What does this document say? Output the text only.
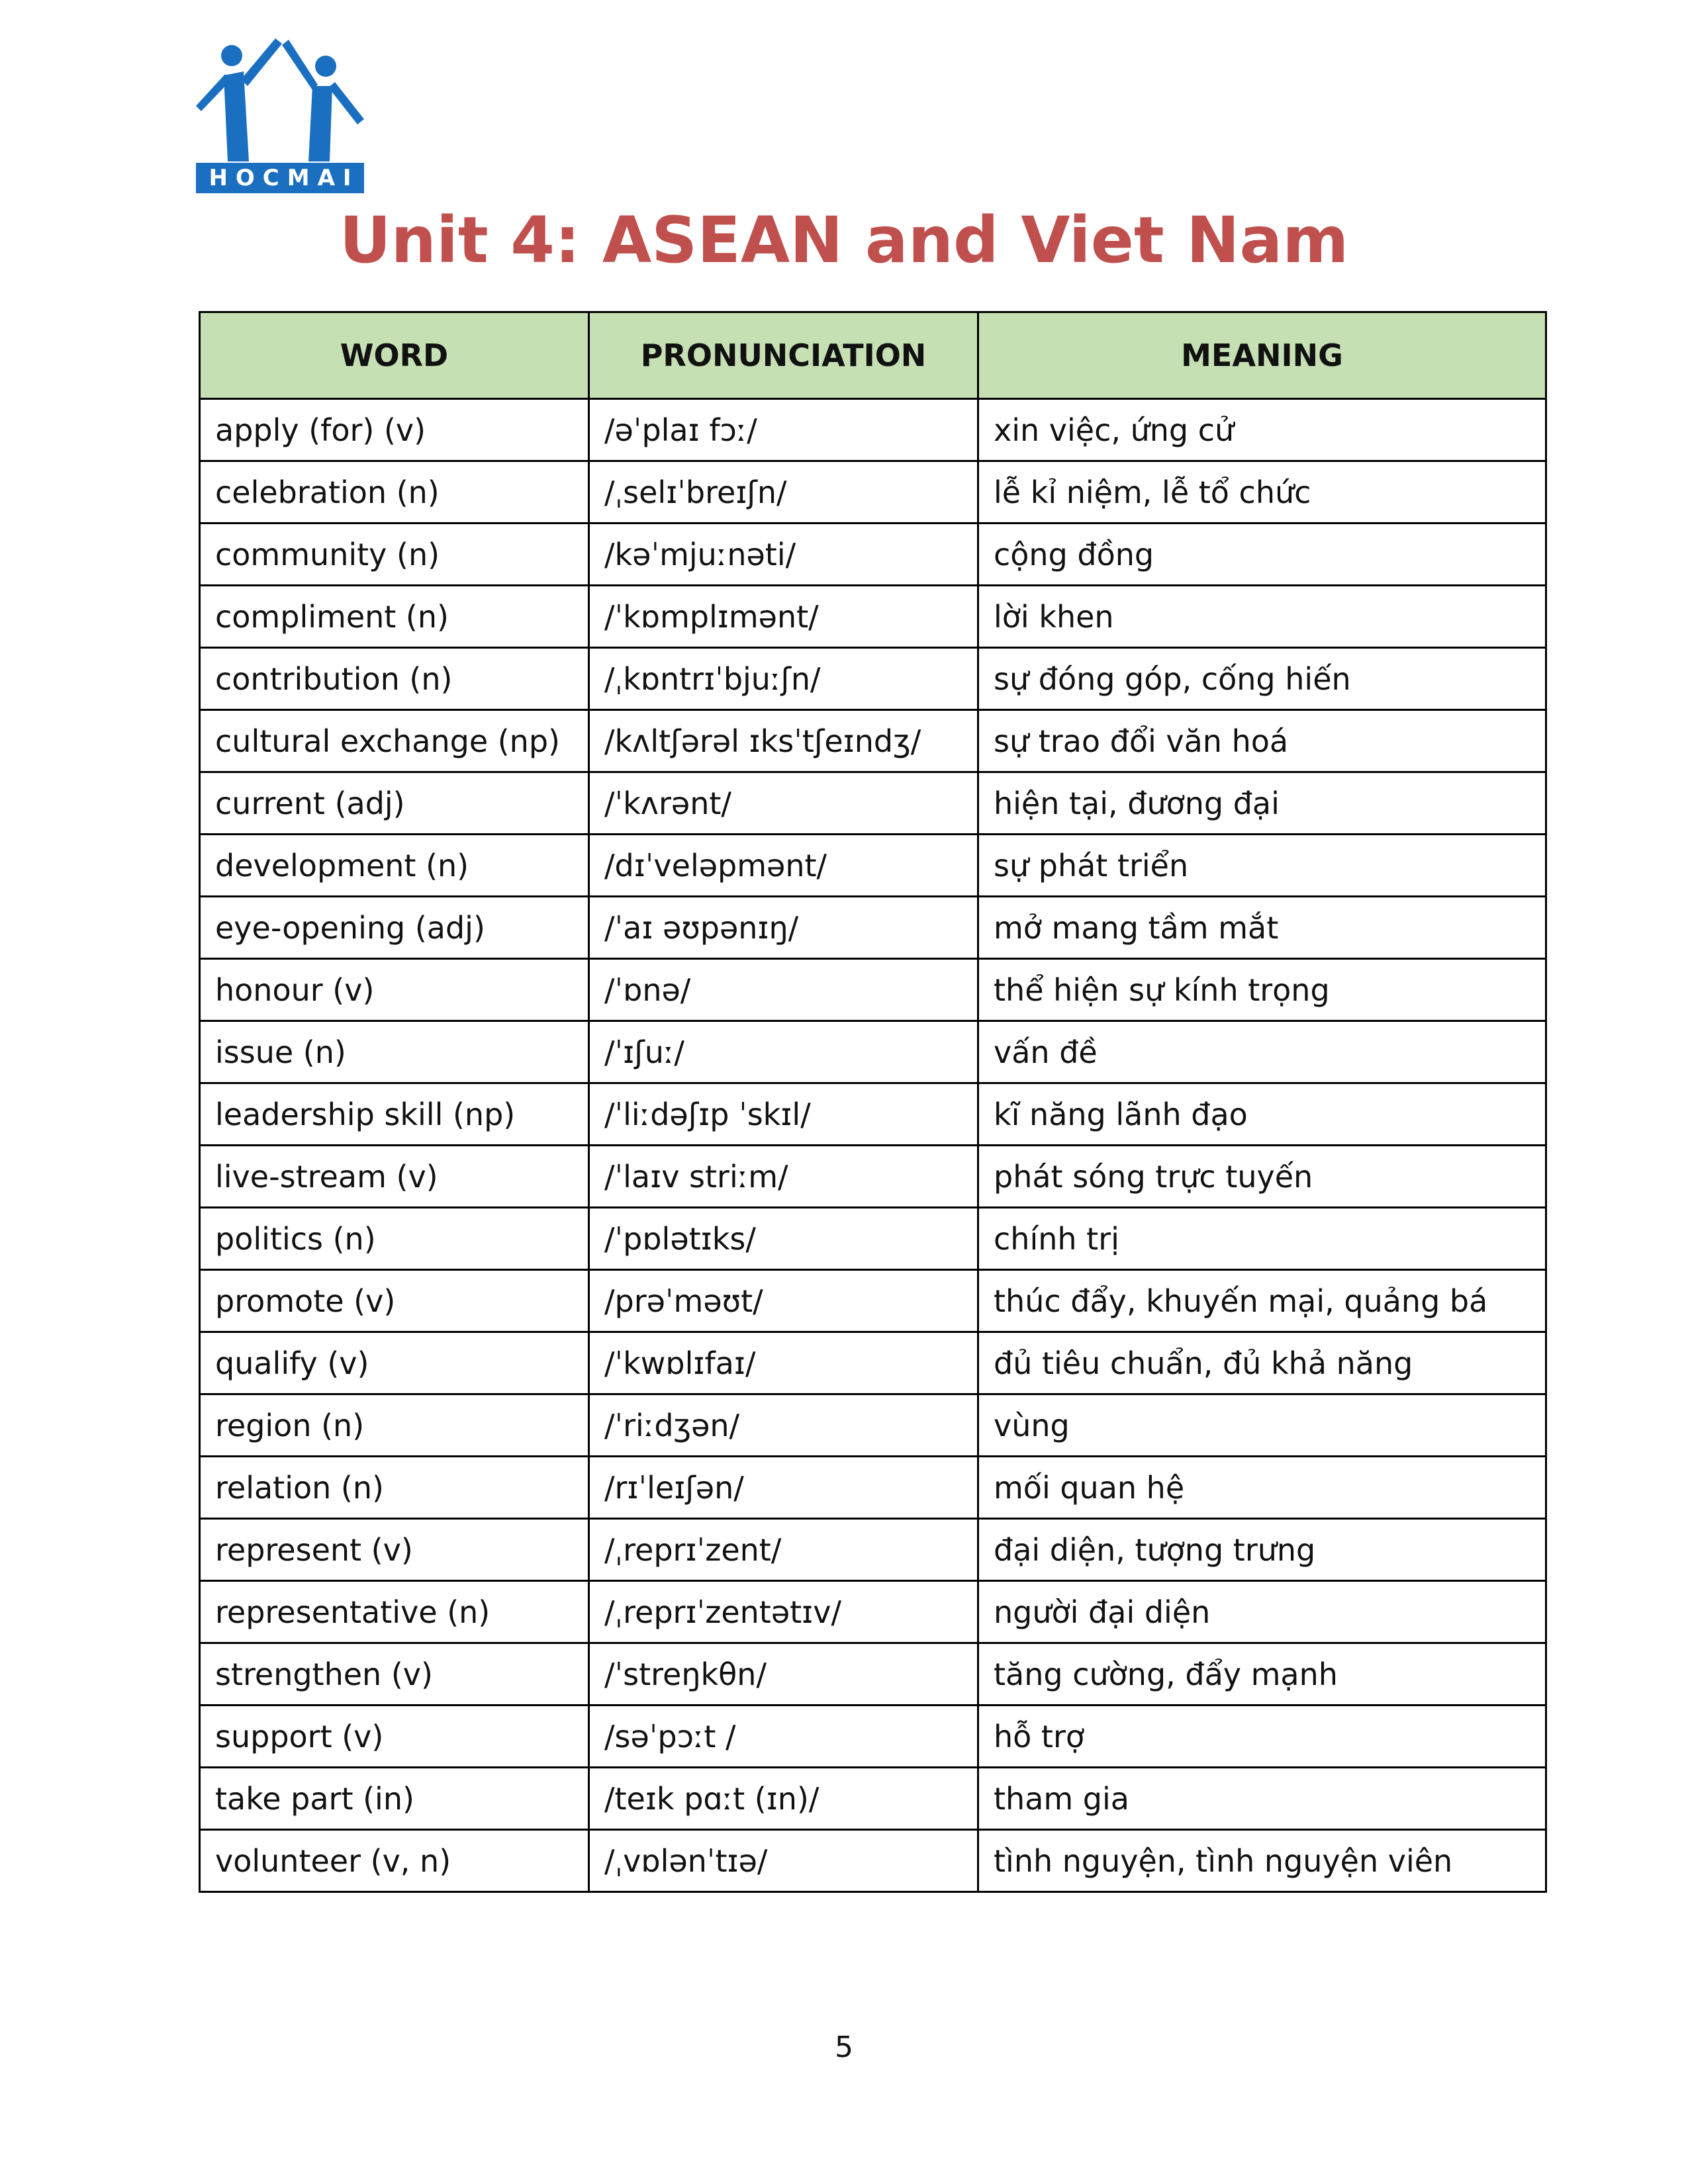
HOCMAI
Unit 4: ASEAN and Viet Nam
WORD	PRONUNCIATION	MEANING
apply (for) (v)	/əˈplaɪ fɔː/	xin việc, ứng cử
celebration (n)	/ˌselɪˈbreɪʃn/	lễ kỉ niệm, lễ tổ chức
community (n)	/kəˈmjuːnəti/	cộng đồng
compliment (n)	/ˈkɒmplɪmənt/	lời khen
contribution (n)	/ˌkɒntrɪˈbjuːʃn/	sự đóng góp, cống hiến
cultural exchange (np)	/kʌltʃərəl ɪksˈtʃeɪndʒ/	sự trao đổi văn hoá
current (adj)	/ˈkʌrənt/	hiện tại, đương đại
development (n)	/dɪˈveləpmənt/	sự phát triển
eye-opening (adj)	/ˈaɪ əʊpənɪŋ/	mở mang tầm mắt
honour (v)	/ˈɒnə/	thể hiện sự kính trọng
issue (n)	/ˈɪʃuː/	vấn đề
leadership skill (np)	/ˈliːdəʃɪp ˈskɪl/	kĩ năng lãnh đạo
live-stream (v)	/ˈlaɪv striːm/	phát sóng trực tuyến
politics (n)	/ˈpɒlətɪks/	chính trị
promote (v)	/prəˈməʊt/	thúc đẩy, khuyến mại, quảng bá
qualify (v)	/ˈkwɒlɪfaɪ/	đủ tiêu chuẩn, đủ khả năng
region (n)	/ˈriːdʒən/	vùng
relation (n)	/rɪˈleɪʃən/	mối quan hệ
represent (v)	/ˌreprɪˈzent/	đại diện, tượng trưng
representative (n)	/ˌreprɪˈzentətɪv/	người đại diện
strengthen (v)	/ˈstreŋkθn/	tăng cường, đẩy mạnh
support (v)	/səˈpɔːt /	hỗ trợ
take part (in)	/teɪk pɑːt (ɪn)/	tham gia
volunteer (v, n)	/ˌvɒlənˈtɪə/	tình nguyện, tình nguyện viên
5
